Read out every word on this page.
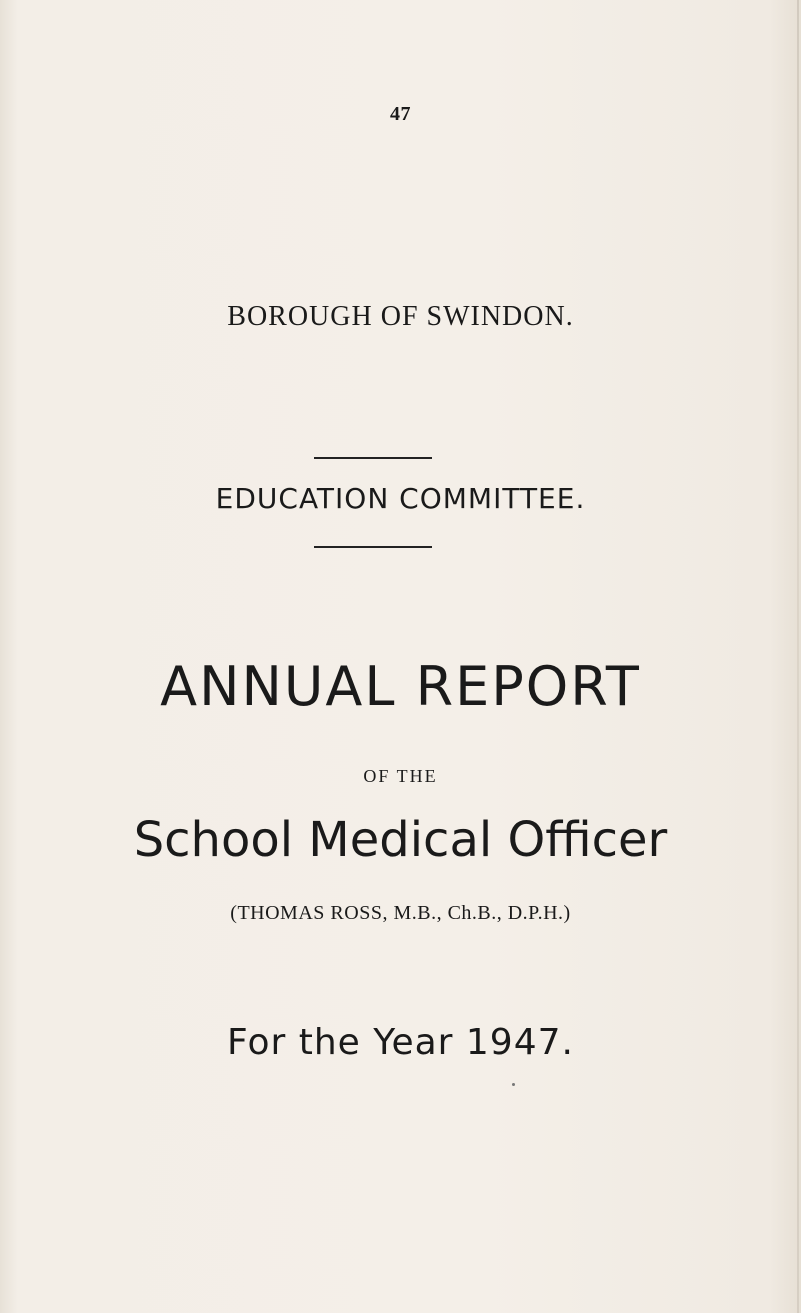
47
BOROUGH OF SWINDON.
EDUCATION COMMITTEE.
ANNUAL REPORT
OF THE
School Medical Officer
(THOMAS ROSS, M.B., Ch.B., D.P.H.)
For the Year 1947.
